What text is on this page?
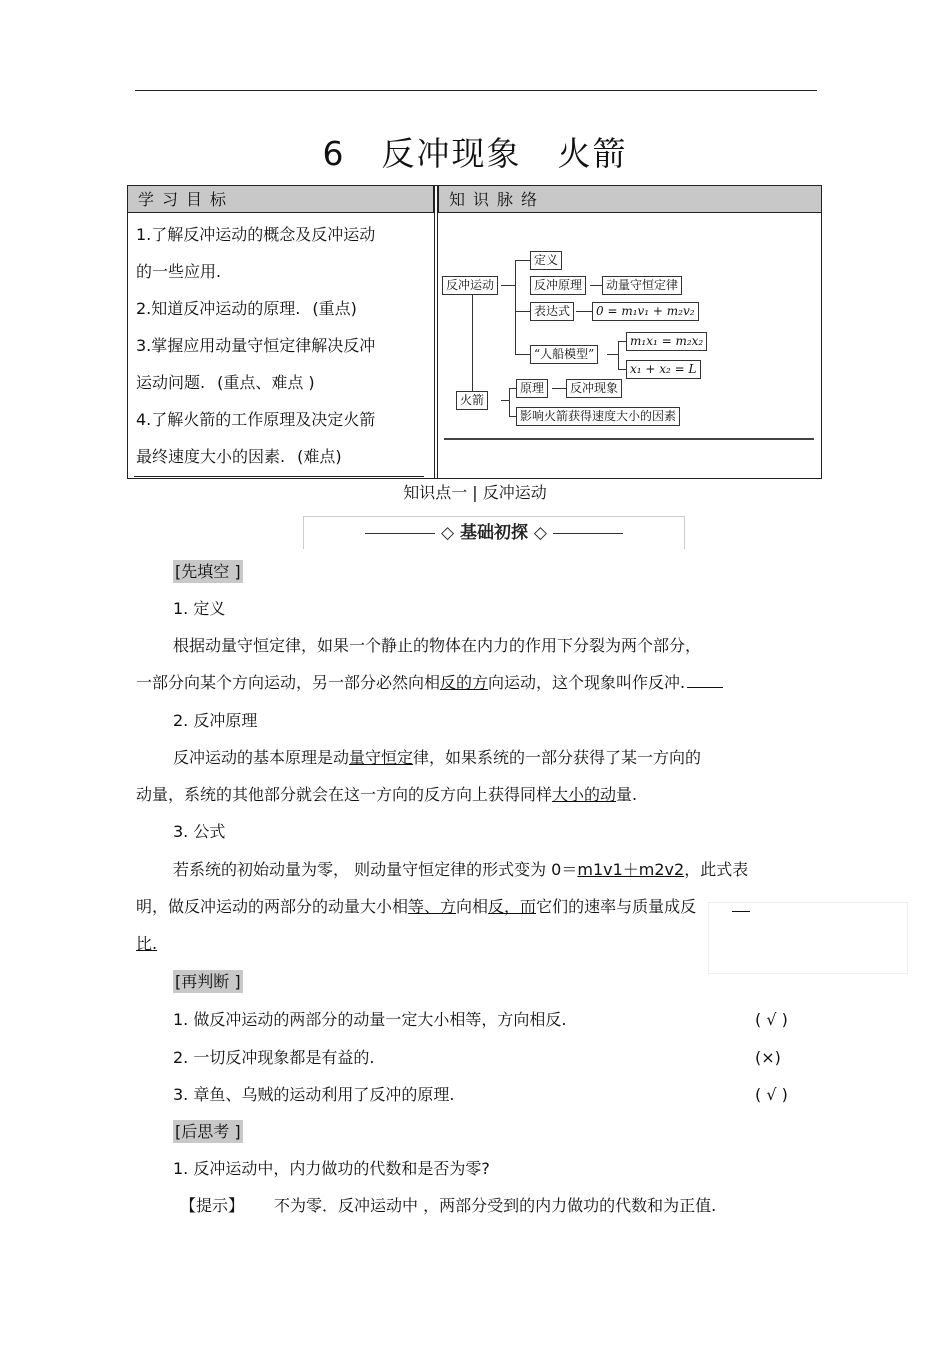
6 反冲现象 火箭
学习目标	知识脉络
1.了解反冲运动的概念及反冲运动
的一些应用.
2.知道反冲运动的原理. (重点)
3.掌握应用动量守恒定律解决反冲
运动问题. (重点、难点 )
4.了解火箭的工作原理及决定火箭
最终速度大小的因素. (难点)
反冲运动
定义
反冲原理	动量守恒定律
表达式	0 = m₁v₁ + m₂v₂
“人船模型”
m₁x₁ = m₂x₂
x₁ + x₂ = L
火箭
原理	反冲现象
影响火箭获得速度大小的因素
知识点一 | 反冲运动
◇ 基础初探 ◇
[先填空 ]
1. 定义
根据动量守恒定律，如果一个静止的物体在内力的作用下分裂为两个部分，
一部分向某个方向运动，另一部分必然向相反的方向运动，这个现象叫作反冲.
2. 反冲原理
反冲运动的基本原理是动量守恒定律，如果系统的一部分获得了某一方向的
动量，系统的其他部分就会在这一方向的反方向上获得同样大小的动量.
3. 公式
若系统的初始动量为零， 则动量守恒定律的形式变为 0＝m1v1＋m2v2，此式表
明，做反冲运动的两部分的动量大小相等、方向相反，而它们的速率与质量成反
比.
[再判断 ]
1. 做反冲运动的两部分的动量一定大小相等，方向相反.	( √ )
2. 一切反冲现象都是有益的.	(×)
3. 章鱼、乌贼的运动利用了反冲的原理.	( √ )
[后思考 ]
1. 反冲运动中，内力做功的代数和是否为零?
【提示】 不为零．反冲运动中 ，两部分受到的内力做功的代数和为正值.
